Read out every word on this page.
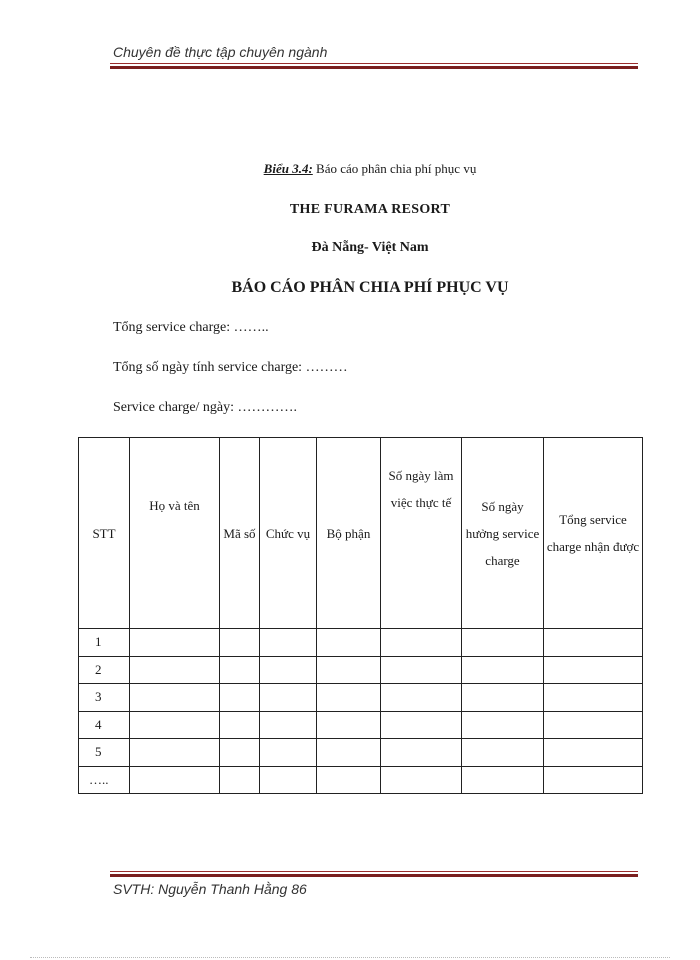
Chuyên đề thực tập chuyên ngành
Biểu 3.4: Báo cáo phân chia phí phục vụ
THE FURAMA RESORT
Đà Nẵng- Việt Nam
BÁO CÁO PHÂN CHIA PHÍ PHỤC VỤ
Tổng service charge: ……..
Tổng số ngày tính service charge: ………
Service charge/ ngày: ………….
STT	Họ và tên	Mã số	Chức vụ	Bộ phận	Số ngày làm việc thực tế	Số ngày hưởng service charge	Tổng service charge nhận được
1							
2							
3							
4							
5							
…..							
SVTH: Nguyễn Thanh Hằng 86
